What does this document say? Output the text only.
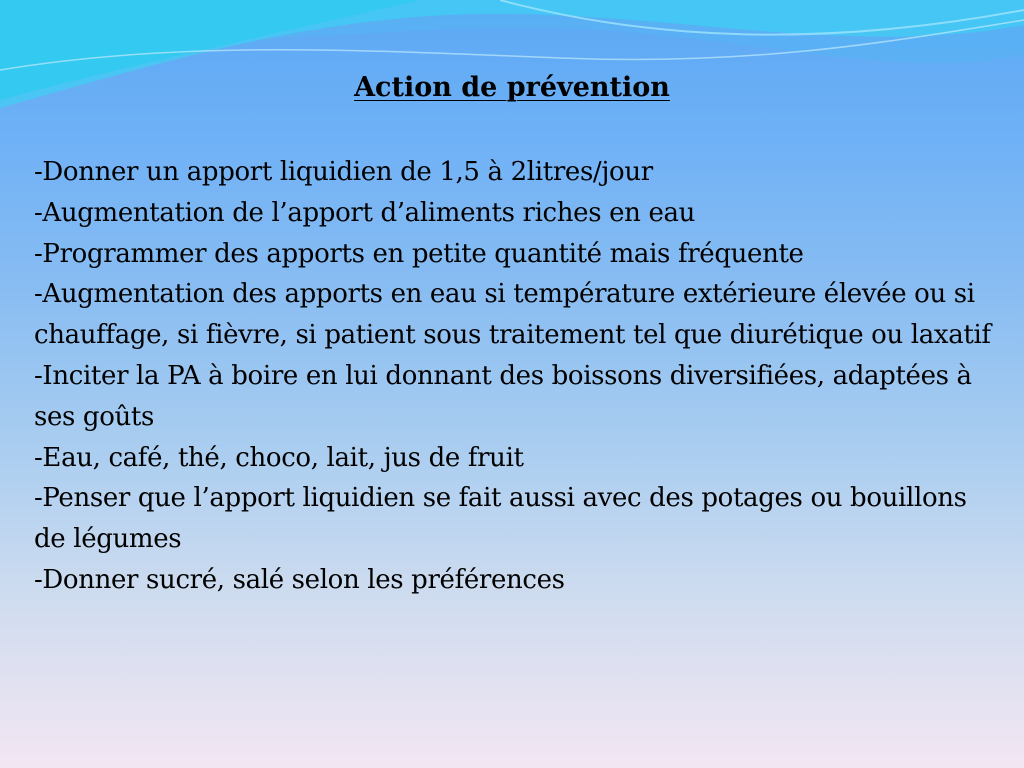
Action de prévention
-Donner un apport liquidien de 1,5 à 2litres/jour
-Augmentation de l’apport d’aliments riches en eau
-Programmer des apports en petite quantité mais fréquente
-Augmentation des apports en eau si température extérieure élevée ou si chauffage, si fièvre, si patient sous traitement tel que diurétique ou laxatif
-Inciter la PA à boire en lui donnant des boissons diversifiées, adaptées à ses goûts
-Eau, café, thé, choco, lait, jus de fruit
-Penser que l’apport liquidien se fait aussi avec des potages ou bouillons de légumes
-Donner sucré, salé selon les préférences
